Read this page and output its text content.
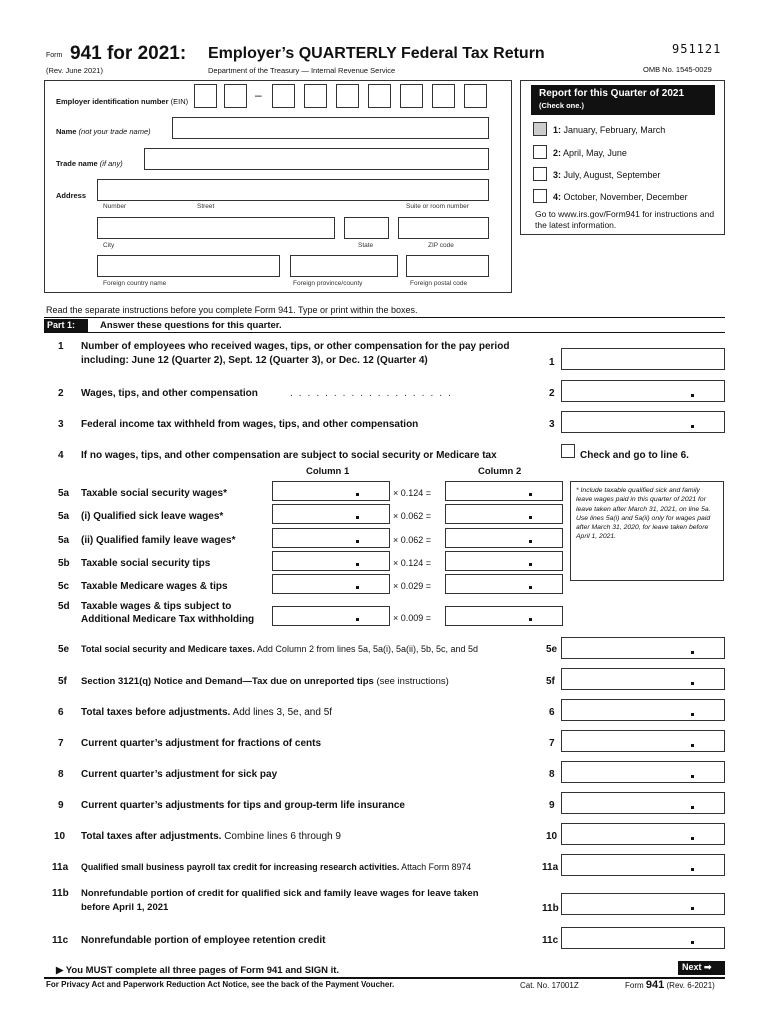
Form 941 for 2021: Employer’s QUARTERLY Federal Tax Return
(Rev. June 2021)	Department of the Treasury — Internal Revenue Service
951121
OMB No. 1545-0029
Employer identification number (EIN)	–
Name (not your trade name)
Trade name (if any)
Address
Number	Street	Suite or room number
City	State	ZIP code
Foreign country name	Foreign province/county	Foreign postal code
Report for this Quarter of 2021
(Check one.)
1: January, February, March
2: April, May, June
3: July, August, September
4: October, November, December
Go to www.irs.gov/Form941 for instructions and the latest information.
Read the separate instructions before you complete Form 941. Type or print within the boxes.
Part 1:	Answer these questions for this quarter.
1 Number of employees who received wages, tips, or other compensation for the pay period
including: June 12 (Quarter 2), Sept. 12 (Quarter 3), or Dec. 12 (Quarter 4)	1
2 Wages, tips, and other compensation	...................	2
3 Federal income tax withheld from wages, tips, and other compensation	3
4 If no wages, tips, and other compensation are subject to social security or Medicare tax	Check and go to line 6.
Column 1	Column 2
5a Taxable social security wages*	× 0.124 =
5a (i) Qualified sick leave wages*	× 0.062 =
5a (ii) Qualified family leave wages*	× 0.062 =
5b Taxable social security tips	× 0.124 =
5c Taxable Medicare wages & tips	× 0.029 =
5d Taxable wages & tips subject to
Additional Medicare Tax withholding	× 0.009 =
* Include taxable qualified sick and family leave wages paid in this quarter of 2021 for leave taken after March 31, 2021, on line 5a. Use lines 5a(i) and 5a(ii) only for wages paid after March 31, 2020, for leave taken before April 1, 2021.
5e Total social security and Medicare taxes. Add Column 2 from lines 5a, 5a(i), 5a(ii), 5b, 5c, and 5d	5e
5f Section 3121(q) Notice and Demand—Tax due on unreported tips (see instructions)	5f
6 Total taxes before adjustments. Add lines 3, 5e, and 5f	6
7 Current quarter’s adjustment for fractions of cents	7
8 Current quarter’s adjustment for sick pay	8
9 Current quarter’s adjustments for tips and group-term life insurance	9
10 Total taxes after adjustments. Combine lines 6 through 9	10
11a Qualified small business payroll tax credit for increasing research activities. Attach Form 8974	11a
11b Nonrefundable portion of credit for qualified sick and family leave wages for leave taken
before April 1, 2021	11b
11c Nonrefundable portion of employee retention credit	11c
▶ You MUST complete all three pages of Form 941 and SIGN it.	Next ➡
For Privacy Act and Paperwork Reduction Act Notice, see the back of the Payment Voucher.	Cat. No. 17001Z	Form 941 (Rev. 6-2021)
